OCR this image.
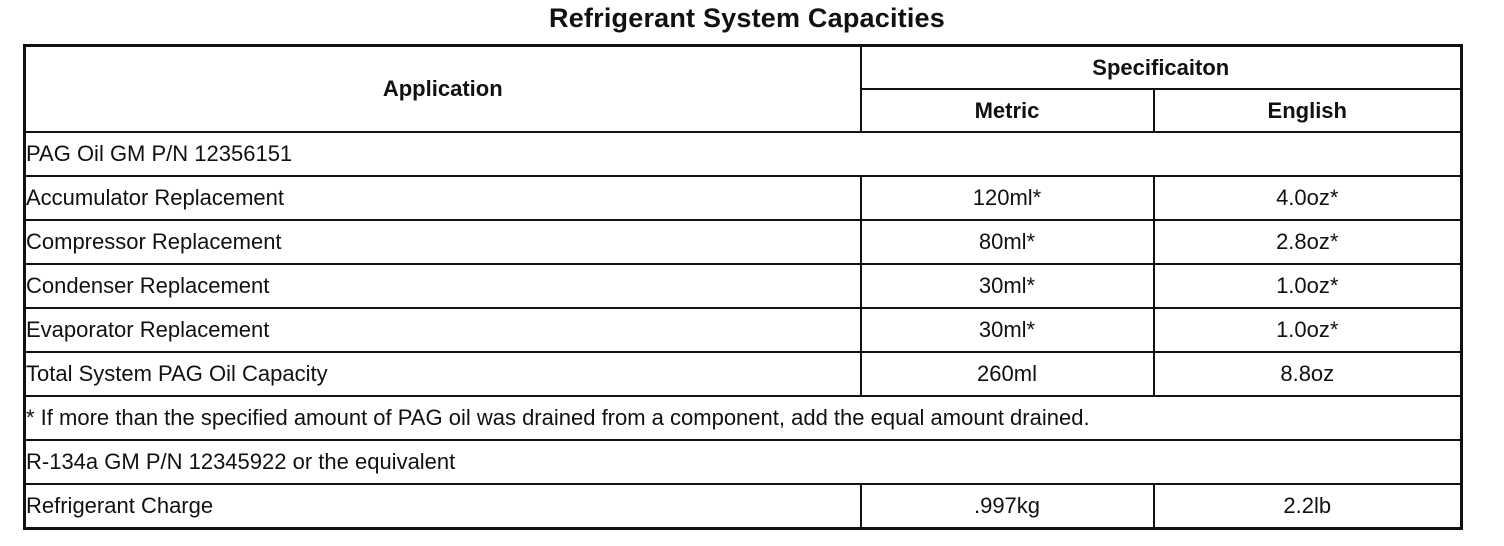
Refrigerant System Capacities
Application	Specificaiton	
	Metric	English
PAG Oil GM P/N 12356151		
Accumulator Replacement	120ml*	4.0oz*
Compressor Replacement	80ml*	2.8oz*
Condenser Replacement	30ml*	1.0oz*
Evaporator Replacement	30ml*	1.0oz*
Total System PAG Oil Capacity	260ml	8.8oz
* If more than the specified amount of PAG oil was drained from a component, add the equal amount drained.		
R-134a GM P/N 12345922 or the equivalent		
Refrigerant Charge	.997kg	2.2lb
